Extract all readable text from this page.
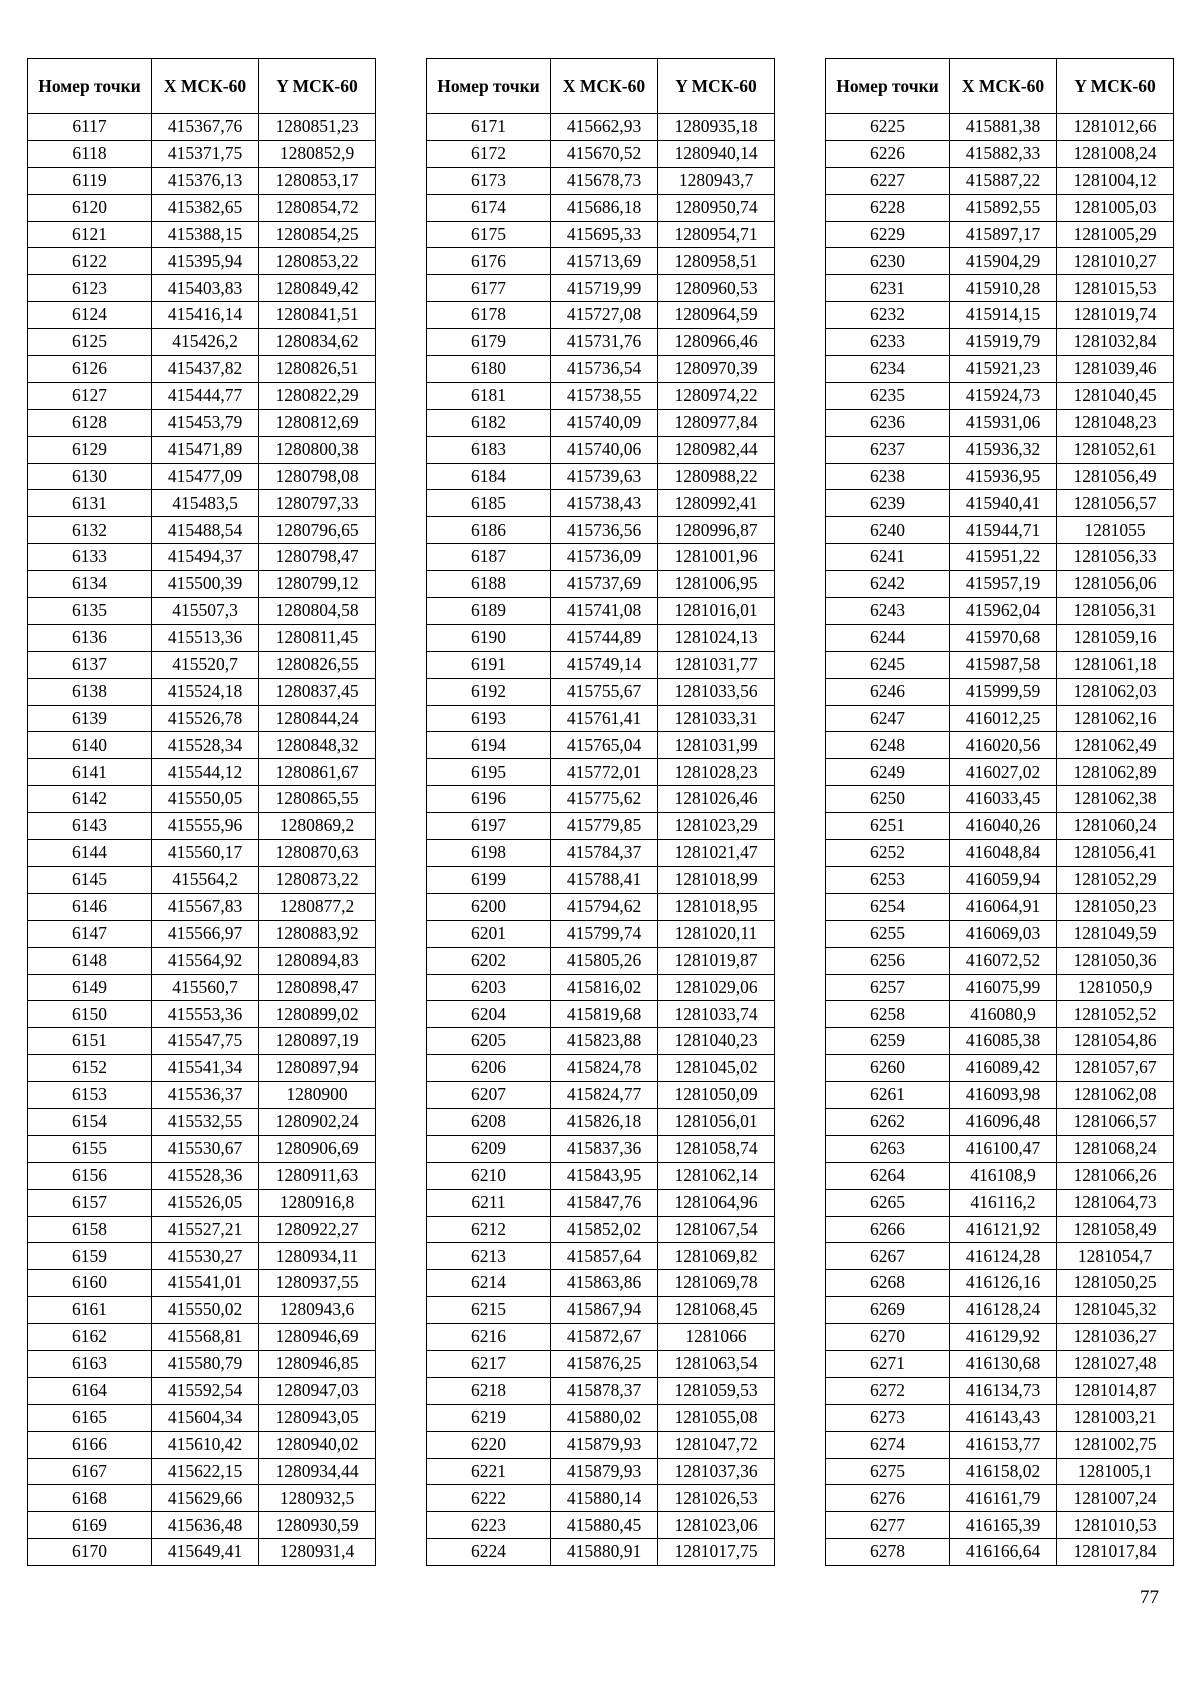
Номер точки	X МСК-60	Y МСК-60
6117	415367,76	1280851,23
6118	415371,75	1280852,9
6119	415376,13	1280853,17
6120	415382,65	1280854,72
6121	415388,15	1280854,25
6122	415395,94	1280853,22
6123	415403,83	1280849,42
6124	415416,14	1280841,51
6125	415426,2	1280834,62
6126	415437,82	1280826,51
6127	415444,77	1280822,29
6128	415453,79	1280812,69
6129	415471,89	1280800,38
6130	415477,09	1280798,08
6131	415483,5	1280797,33
6132	415488,54	1280796,65
6133	415494,37	1280798,47
6134	415500,39	1280799,12
6135	415507,3	1280804,58
6136	415513,36	1280811,45
6137	415520,7	1280826,55
6138	415524,18	1280837,45
6139	415526,78	1280844,24
6140	415528,34	1280848,32
6141	415544,12	1280861,67
6142	415550,05	1280865,55
6143	415555,96	1280869,2
6144	415560,17	1280870,63
6145	415564,2	1280873,22
6146	415567,83	1280877,2
6147	415566,97	1280883,92
6148	415564,92	1280894,83
6149	415560,7	1280898,47
6150	415553,36	1280899,02
6151	415547,75	1280897,19
6152	415541,34	1280897,94
6153	415536,37	1280900
6154	415532,55	1280902,24
6155	415530,67	1280906,69
6156	415528,36	1280911,63
6157	415526,05	1280916,8
6158	415527,21	1280922,27
6159	415530,27	1280934,11
6160	415541,01	1280937,55
6161	415550,02	1280943,6
6162	415568,81	1280946,69
6163	415580,79	1280946,85
6164	415592,54	1280947,03
6165	415604,34	1280943,05
6166	415610,42	1280940,02
6167	415622,15	1280934,44
6168	415629,66	1280932,5
6169	415636,48	1280930,59
6170	415649,41	1280931,4
Номер точки	X МСК-60	Y МСК-60
6171	415662,93	1280935,18
6172	415670,52	1280940,14
6173	415678,73	1280943,7
6174	415686,18	1280950,74
6175	415695,33	1280954,71
6176	415713,69	1280958,51
6177	415719,99	1280960,53
6178	415727,08	1280964,59
6179	415731,76	1280966,46
6180	415736,54	1280970,39
6181	415738,55	1280974,22
6182	415740,09	1280977,84
6183	415740,06	1280982,44
6184	415739,63	1280988,22
6185	415738,43	1280992,41
6186	415736,56	1280996,87
6187	415736,09	1281001,96
6188	415737,69	1281006,95
6189	415741,08	1281016,01
6190	415744,89	1281024,13
6191	415749,14	1281031,77
6192	415755,67	1281033,56
6193	415761,41	1281033,31
6194	415765,04	1281031,99
6195	415772,01	1281028,23
6196	415775,62	1281026,46
6197	415779,85	1281023,29
6198	415784,37	1281021,47
6199	415788,41	1281018,99
6200	415794,62	1281018,95
6201	415799,74	1281020,11
6202	415805,26	1281019,87
6203	415816,02	1281029,06
6204	415819,68	1281033,74
6205	415823,88	1281040,23
6206	415824,78	1281045,02
6207	415824,77	1281050,09
6208	415826,18	1281056,01
6209	415837,36	1281058,74
6210	415843,95	1281062,14
6211	415847,76	1281064,96
6212	415852,02	1281067,54
6213	415857,64	1281069,82
6214	415863,86	1281069,78
6215	415867,94	1281068,45
6216	415872,67	1281066
6217	415876,25	1281063,54
6218	415878,37	1281059,53
6219	415880,02	1281055,08
6220	415879,93	1281047,72
6221	415879,93	1281037,36
6222	415880,14	1281026,53
6223	415880,45	1281023,06
6224	415880,91	1281017,75
Номер точки	X МСК-60	Y МСК-60
6225	415881,38	1281012,66
6226	415882,33	1281008,24
6227	415887,22	1281004,12
6228	415892,55	1281005,03
6229	415897,17	1281005,29
6230	415904,29	1281010,27
6231	415910,28	1281015,53
6232	415914,15	1281019,74
6233	415919,79	1281032,84
6234	415921,23	1281039,46
6235	415924,73	1281040,45
6236	415931,06	1281048,23
6237	415936,32	1281052,61
6238	415936,95	1281056,49
6239	415940,41	1281056,57
6240	415944,71	1281055
6241	415951,22	1281056,33
6242	415957,19	1281056,06
6243	415962,04	1281056,31
6244	415970,68	1281059,16
6245	415987,58	1281061,18
6246	415999,59	1281062,03
6247	416012,25	1281062,16
6248	416020,56	1281062,49
6249	416027,02	1281062,89
6250	416033,45	1281062,38
6251	416040,26	1281060,24
6252	416048,84	1281056,41
6253	416059,94	1281052,29
6254	416064,91	1281050,23
6255	416069,03	1281049,59
6256	416072,52	1281050,36
6257	416075,99	1281050,9
6258	416080,9	1281052,52
6259	416085,38	1281054,86
6260	416089,42	1281057,67
6261	416093,98	1281062,08
6262	416096,48	1281066,57
6263	416100,47	1281068,24
6264	416108,9	1281066,26
6265	416116,2	1281064,73
6266	416121,92	1281058,49
6267	416124,28	1281054,7
6268	416126,16	1281050,25
6269	416128,24	1281045,32
6270	416129,92	1281036,27
6271	416130,68	1281027,48
6272	416134,73	1281014,87
6273	416143,43	1281003,21
6274	416153,77	1281002,75
6275	416158,02	1281005,1
6276	416161,79	1281007,24
6277	416165,39	1281010,53
6278	416166,64	1281017,84
77
